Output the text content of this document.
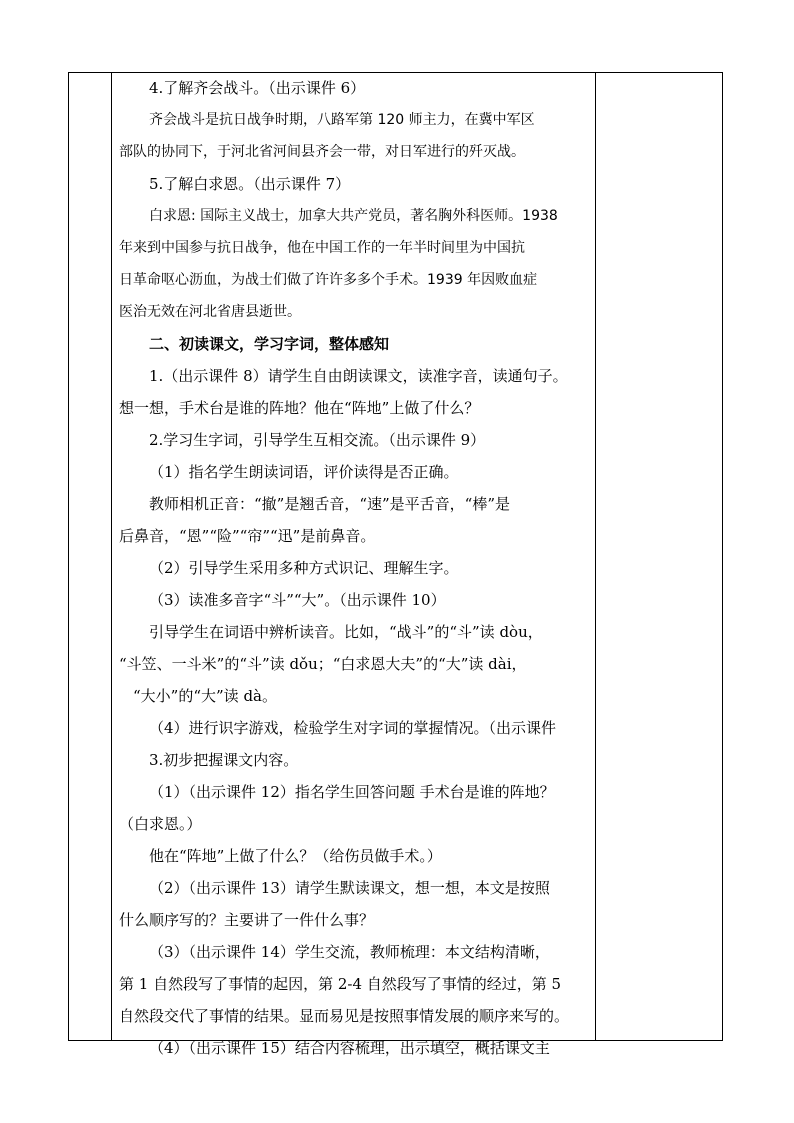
4.了解齐会战斗。（出示课件 6）
齐会战斗是抗日战争时期，八路军第 120 师主力，在冀中军区
部队的协同下，于河北省河间县齐会一带，对日军进行的歼灭战。
5.了解白求恩。（出示课件 7）
白求恩: 国际主义战士，加拿大共产党员，著名胸外科医师。1938
年来到中国参与抗日战争，他在中国工作的一年半时间里为中国抗
日革命呕心沥血，为战士们做了许许多多个手术。1939 年因败血症
医治无效在河北省唐县逝世。
二、初读课文，学习字词，整体感知
1.（出示课件 8）请学生自由朗读课文，读准字音，读通句子。
想一想，手术台是谁的阵地？他在“阵地”上做了什么？
2.学习生字词，引导学生互相交流。（出示课件 9）
（1）指名学生朗读词语，评价读得是否正确。
教师相机正音：“撤”是翘舌音，“速”是平舌音，“棒”是
后鼻音，“恩”“险”“帘”“迅”是前鼻音。
（2）引导学生采用多种方式识记、理解生字。
（3）读准多音字“斗”“大”。（出示课件 10）
引导学生在词语中辨析读音。比如，“战斗”的“斗”读 dòu，
“斗笠、一斗米”的“斗”读 dǒu；“白求恩大夫”的“大”读 dài，
“大小”的“大”读 dà。
（4）进行识字游戏，检验学生对字词的掌握情况。（出示课件
3.初步把握课文内容。
（1）（出示课件 12）指名学生回答问题 手术台是谁的阵地？
（白求恩。）
他在“阵地”上做了什么？（给伤员做手术。）
（2）（出示课件 13）请学生默读课文，想一想，本文是按照
什么顺序写的？主要讲了一件什么事？
（3）（出示课件 14）学生交流，教师梳理：本文结构清晰，
第 1 自然段写了事情的起因，第 2-4 自然段写了事情的经过，第 5
自然段交代了事情的结果。显而易见是按照事情发展的顺序来写的。
（4）（出示课件 15）结合内容梳理，出示填空，概括课文主
